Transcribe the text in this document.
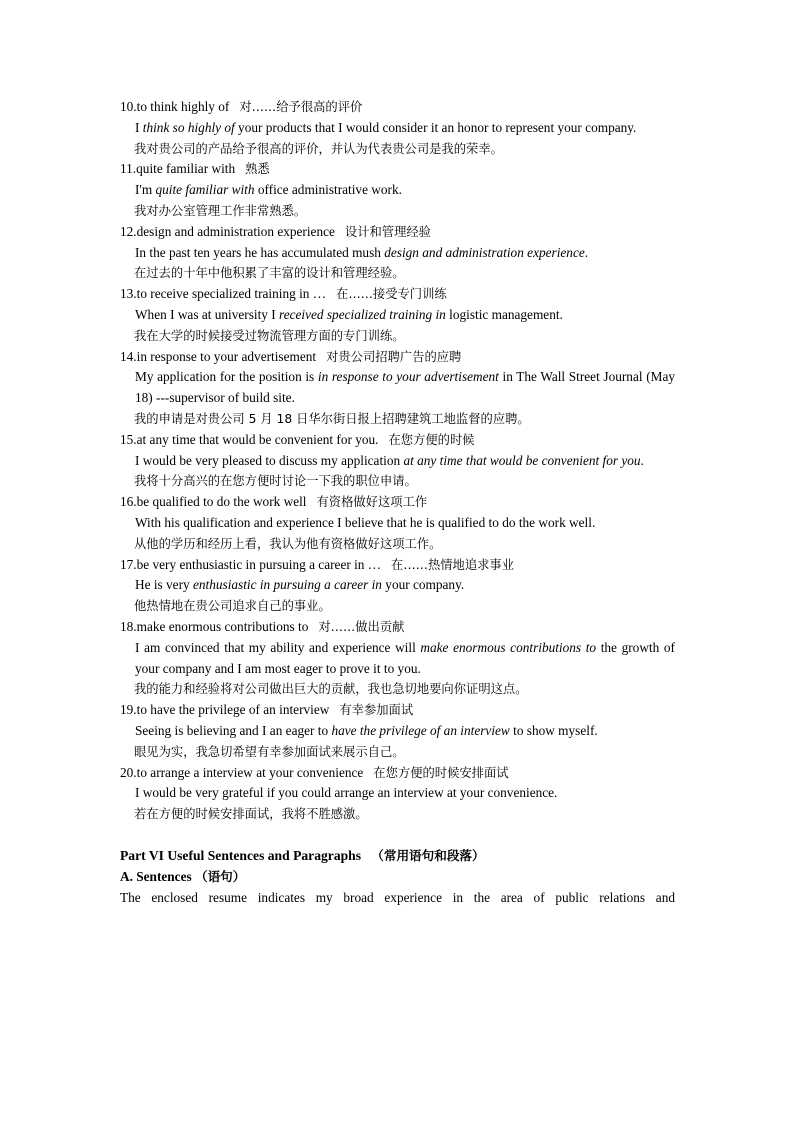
10.to think highly of 对……给予很高的评价
I think so highly of your products that I would consider it an honor to represent your company.
我对贵公司的产品给予很高的评价，并认为代表贵公司是我的荣幸。
11.quite familiar with 熟悉
I'm quite familiar with office administrative work.
我对办公室管理工作非常熟悉。
12.design and administration experience 设计和管理经验
In the past ten years he has accumulated mush design and administration experience.
在过去的十年中他积累了丰富的设计和管理经验。
13.to receive specialized training in … 在……接受专门训练
When I was at university I received specialized training in logistic management.
我在大学的时候接受过物流管理方面的专门训练。
14.in response to your advertisement 对贵公司招聘广告的应聘
My application for the position is in response to your advertisement in The Wall Street Journal (May 18) ---supervisor of build site.
我的申请是对贵公司 5 月 18 日华尔街日报上招聘建筑工地监督的应聘。
15.at any time that would be convenient for you. 在您方便的时候
I would be very pleased to discuss my application at any time that would be convenient for you.
我将十分高兴的在您方便时讨论一下我的职位申请。
16.be qualified to do the work well 有资格做好这项工作
With his qualification and experience I believe that he is qualified to do the work well.
从他的学历和经历上看，我认为他有资格做好这项工作。
17.be very enthusiastic in pursuing a career in … 在……热情地追求事业
He is very enthusiastic in pursuing a career in your company.
他热情地在贵公司追求自己的事业。
18.make enormous contributions to 对……做出贡献
I am convinced that my ability and experience will make enormous contributions to the growth of your company and I am most eager to prove it to you.
我的能力和经验将对公司做出巨大的贡献，我也急切地要向你证明这点。
19.to have the privilege of an interview 有幸参加面试
Seeing is believing and I an eager to have the privilege of an interview to show myself.
眼见为实，我急切希望有幸参加面试来展示自己。
20.to arrange a interview at your convenience 在您方便的时候安排面试
I would be very grateful if you could arrange an interview at your convenience.
若在方便的时候安排面试，我将不胜感激。
Part VI Useful Sentences and Paragraphs （常用语句和段落）
A. Sentences （语句）
The enclosed resume indicates my broad experience in the area of public relations and
